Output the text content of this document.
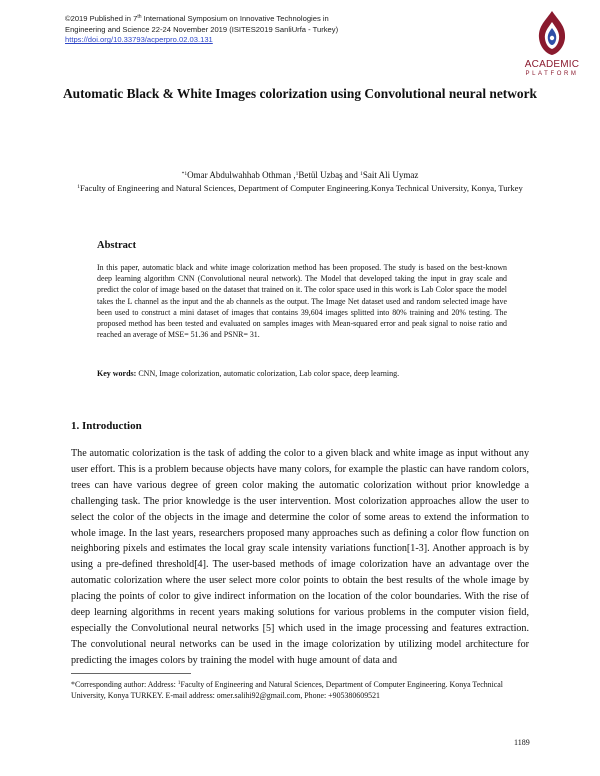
©2019 Published in 7th International Symposium on Innovative Technologies in
Engineering and Science 22-24 November 2019 (ISITES2019 SanliUrfa - Turkey)
https://doi.org/10.33793/acperpro.02.03.131
ACADEMIC
PLATFORM
Automatic Black & White Images colorization using Convolutional neural network
$^{*1}$Omar Abdulwahhab Othman ,$^1$Betül Uzbaş and $^1$Sait Ali Uymaz
$^1$Faculty of Engineering and Natural Sciences, Department of Computer Engineering.Konya Technical University, Konya, Turkey
Abstract
In this paper, automatic black and white image colorization method has been proposed. The study is based on the best-known deep learning algorithm CNN (Convolutional neural network). The Model that developed taking the input in gray scale and predict the color of image based on the dataset that trained on it. The color space used in this work is Lab Color space the model takes the L channel as the input and the ab channels as the output. The Image Net dataset used and random selected image have been used to construct a mini dataset of images that contains 39,604 images splitted into 80% training and 20% testing. The proposed method has been tested and evaluated on samples images with Mean-squared error and peak signal to noise ratio and reached an average of MSE= 51.36 and PSNR= 31.
Key words: CNN, Image colorization, automatic colorization, Lab color space, deep learning.
1. Introduction
The automatic colorization is the task of adding the color to a given black and white image as input without any user effort. This is a problem because objects have many colors, for example the plastic can have random colors, trees can have various degree of green color making the automatic colorization without prior knowledge a challenging task. The prior knowledge is the user intervention. Most colorization approaches allow the user to select the color of the objects in the image and determine the color of some areas to extend the information to whole image. In the last years, researchers proposed many approaches such as defining a color flow function on neighboring pixels and estimates the local gray scale intensity variations function[1-3]. Another approach is by using a pre-defined threshold[4]. The user-based methods of image colorization have an advantage over the automatic colorization where the user select more color points to obtain the best results of the whole image by placing the points of color to give indirect information on the location of the color boundaries. With the rise of deep learning algorithms in recent years making solutions for various problems in the computer vision field, especially the Convolutional neural networks [5] which used in the image processing and features extraction. The convolutional neural networks can be used in the image colorization by utilizing model architecture for predicting the images colors by training the model with huge amount of data and
*Corresponding author: Address: $^1$Faculty of Engineering and Natural Sciences, Department of Computer Engineering. Konya Technical University, Konya TURKEY. E-mail address: omer.salihi92@gmail.com, Phone: +905380609521
1189
